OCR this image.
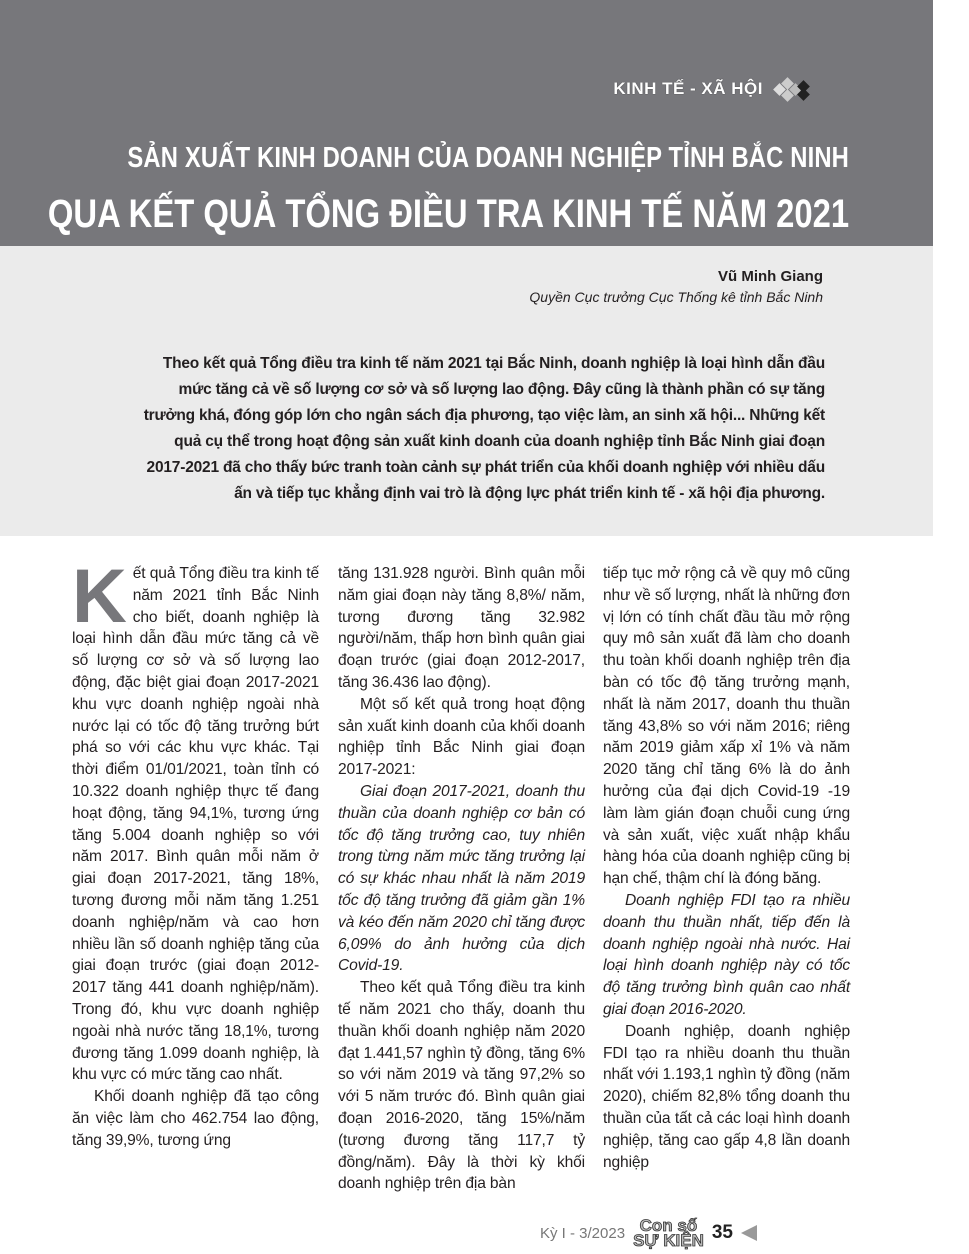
KINH TẾ - XÃ HỘI
SẢN XUẤT KINH DOANH CỦA DOANH NGHIỆP TỈNH BẮC NINH
QUA KẾT QUẢ TỔNG ĐIỀU TRA KINH TẾ NĂM 2021
Vũ Minh Giang
Quyền Cục trưởng Cục Thống kê tỉnh Bắc Ninh
Theo kết quả Tổng điều tra kinh tế năm 2021 tại Bắc Ninh, doanh nghiệp là loại hình dẫn đầu mức tăng cả về số lượng cơ sở và số lượng lao động. Đây cũng là thành phần có sự tăng trưởng khá, đóng góp lớn cho ngân sách địa phương, tạo việc làm, an sinh xã hội... Những kết quả cụ thể trong hoạt động sản xuất kinh doanh của doanh nghiệp tỉnh Bắc Ninh giai đoạn 2017-2021 đã cho thấy bức tranh toàn cảnh sự phát triển của khối doanh nghiệp với nhiều dấu ấn và tiếp tục khẳng định vai trò là động lực phát triển kinh tế - xã hội địa phương.

Kết quả Tổng điều tra kinh tế năm 2021 tỉnh Bắc Ninh cho biết, doanh nghiệp là loại hình dẫn đầu mức tăng cả về số lượng cơ sở và số lượng lao động, đặc biệt giai đoạn 2017-2021 khu vực doanh nghiệp ngoài nhà nước lại có tốc độ tăng trưởng bứt phá so với các khu vực khác. Tại thời điểm 01/01/2021, toàn tỉnh có 10.322 doanh nghiệp thực tế đang hoạt động, tăng 94,1%, tương ứng tăng 5.004 doanh nghiệp so với năm 2017. Bình quân mỗi năm ở giai đoạn 2017-2021, tăng 18%, tương đương mỗi năm tăng 1.251 doanh nghiệp/năm và cao hơn nhiều lần số doanh nghiệp tăng của giai đoạn trước (giai đoạn 2012-2017 tăng 441 doanh nghiệp/năm). Trong đó, khu vực doanh nghiệp ngoài nhà nước tăng 18,1%, tương đương tăng 1.099 doanh nghiệp, là khu vực có mức tăng cao nhất.

Khối doanh nghiệp đã tạo công ăn việc làm cho 462.754 lao động, tăng 39,9%, tương ứng

tăng 131.928 người. Bình quân mỗi năm giai đoạn này tăng 8,8%/ năm, tương đương tăng 32.982 người/năm, thấp hơn bình quân giai đoạn trước (giai đoạn 2012-2017, tăng 36.436 lao động).

Một số kết quả trong hoạt động sản xuất kinh doanh của khối doanh nghiệp tỉnh Bắc Ninh giai đoạn 2017-2021:

Giai đoạn 2017-2021, doanh thu thuần của doanh nghiệp cơ bản có tốc độ tăng trưởng cao, tuy nhiên trong từng năm mức tăng trưởng lại có sự khác nhau nhất là năm 2019 tốc độ tăng trưởng đã giảm gần 1% và kéo đến năm 2020 chỉ tăng được 6,09% do ảnh hưởng của dịch Covid-19.

Theo kết quả Tổng điều tra kinh tế năm 2021 cho thấy, doanh thu thuần khối doanh nghiệp năm 2020 đạt 1.441,57 nghìn tỷ đồng, tăng 6% so với năm 2019 và tăng 97,2% so với 5 năm trước đó. Bình quân giai đoạn 2016-2020, tăng 15%/năm (tương đương tăng 117,7 tỷ đồng/năm). Đây là thời kỳ khối doanh nghiệp trên địa bàn

tiếp tục mở rộng cả về quy mô cũng như về số lượng, nhất là những đơn vị lớn có tính chất đầu tầu mở rộng quy mô sản xuất đã làm cho doanh thu toàn khối doanh nghiệp trên địa bàn có tốc độ tăng trưởng mạnh, nhất là năm 2017, doanh thu thuần tăng 43,8% so với năm 2016; riêng năm 2019 giảm xấp xỉ 1% và năm 2020 tăng chỉ tăng 6% là do ảnh hưởng của đại dịch Covid-19 -19 làm làm gián đoạn chuỗi cung ứng và sản xuất, việc xuất nhập khẩu hàng hóa của doanh nghiệp cũng bị hạn chế, thậm chí là đóng băng.

Doanh nghiệp FDI tạo ra nhiều doanh thu thuần nhất, tiếp đến là doanh nghiệp ngoài nhà nước. Hai loại hình doanh nghiệp này có tốc độ tăng trưởng bình quân cao nhất giai đoạn 2016-2020.

Doanh nghiệp, doanh nghiệp FDI tạo ra nhiều doanh thu thuần nhất với 1.193,1 nghìn tỷ đồng (năm 2020), chiếm 82,8% tổng doanh thu thuần của tất cả các loại hình doanh nghiệp, tăng cao gấp 4,8 lần doanh nghiệp

Kỳ I - 3/2023 Con số
SỰ KIỆN 35
